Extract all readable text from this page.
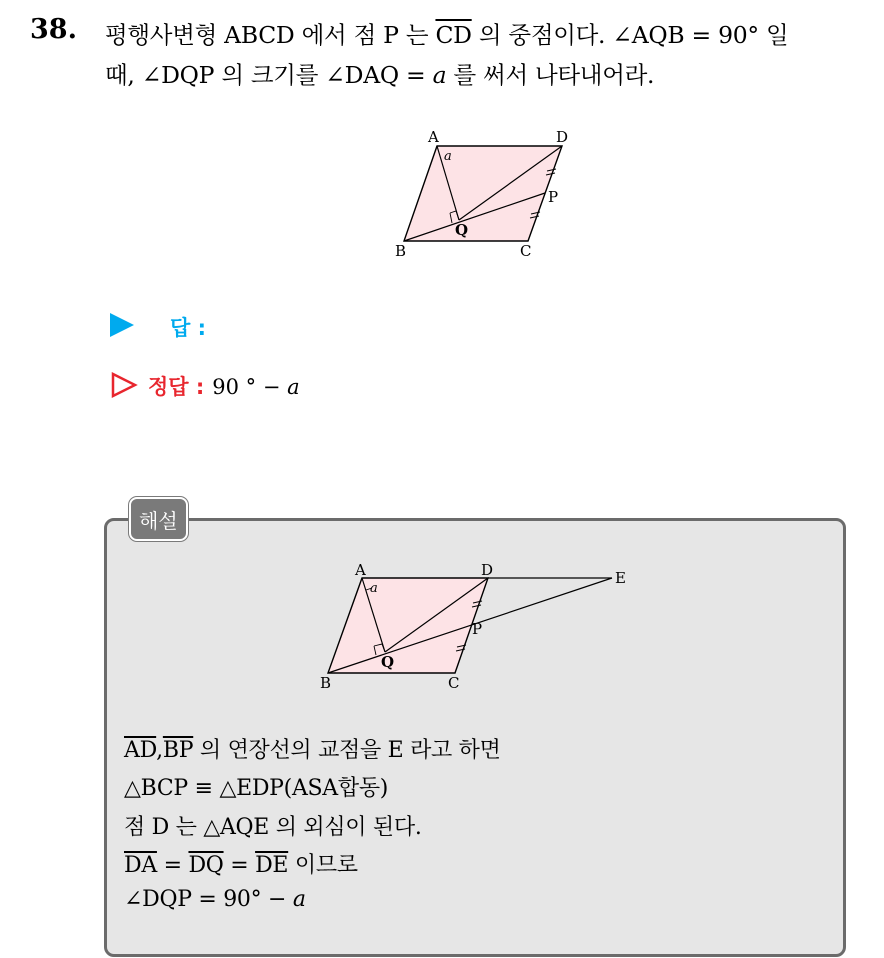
38. 평행사변형 ABCD 에서 점 P 는 $\overline{CD}$ 의 중점이다. ∠AQB = 90° 일
때, ∠DQP 의 크기를 ∠DAQ = a 를 써서 나타내어라.
A
a
D
P
Q
B	C
답 :
정답 : 90 ° − a
해설
A
a
D	E
P
Q
B	C
$\overline{AD},\overline{BP}$ 의 연장선의 교점을 E 라고 하면
△BCP ≡ △EDP(ASA합동)
점 D 는 △AQE 의 외심이 된다.
$\overline{DA} = \overline{DQ} = \overline{DE}$ 이므로
∠DQP = 90° − a
